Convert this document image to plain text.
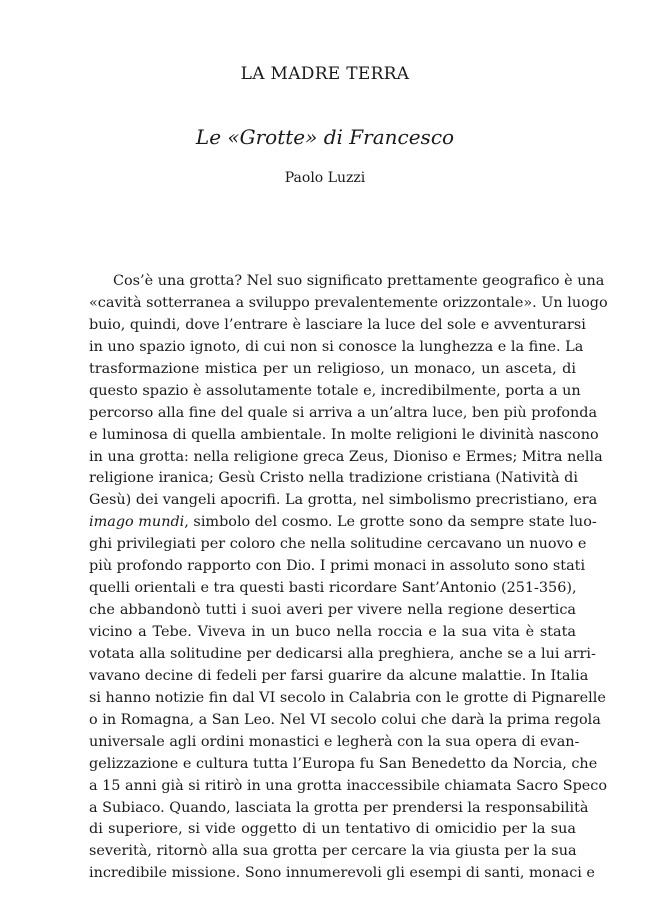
LA MADRE TERRA
Le «Grotte» di Francesco
Paolo Luzzi
Cos’è una grotta? Nel suo significato prettamente geografico è una
«cavità sotterranea a sviluppo prevalentemente orizzontale». Un luogo
buio, quindi, dove l’entrare è lasciare la luce del sole e avventurarsi
in uno spazio ignoto, di cui non si conosce la lunghezza e la fine. La
trasformazione mistica per un religioso, un monaco, un asceta, di
questo spazio è assolutamente totale e, incredibilmente, porta a un
percorso alla fine del quale si arriva a un’altra luce, ben più profonda
e luminosa di quella ambientale. In molte religioni le divinità nascono
in una grotta: nella religione greca Zeus, Dioniso e Ermes; Mitra nella
religione iranica; Gesù Cristo nella tradizione cristiana (Natività di
Gesù) dei vangeli apocrifi. La grotta, nel simbolismo precristiano, era
imago mundi, simbolo del cosmo. Le grotte sono da sempre state luo-
ghi privilegiati per coloro che nella solitudine cercavano un nuovo e
più profondo rapporto con Dio. I primi monaci in assoluto sono stati
quelli orientali e tra questi basti ricordare Sant’Antonio (251-356),
che abbandonò tutti i suoi averi per vivere nella regione desertica
vicino a Tebe. Viveva in un buco nella roccia e la sua vita è stata
votata alla solitudine per dedicarsi alla preghiera, anche se a lui arri-
vavano decine di fedeli per farsi guarire da alcune malattie. In Italia
si hanno notizie fin dal VI secolo in Calabria con le grotte di Pignarelle
o in Romagna, a San Leo. Nel VI secolo colui che darà la prima regola
universale agli ordini monastici e legherà con la sua opera di evan-
gelizzazione e cultura tutta l’Europa fu San Benedetto da Norcia, che
a 15 anni già si ritirò in una grotta inaccessibile chiamata Sacro Speco
a Subiaco. Quando, lasciata la grotta per prendersi la responsabilità
di superiore, si vide oggetto di un tentativo di omicidio per la sua
severità, ritornò alla sua grotta per cercare la via giusta per la sua
incredibile missione. Sono innumerevoli gli esempi di santi, monaci e
